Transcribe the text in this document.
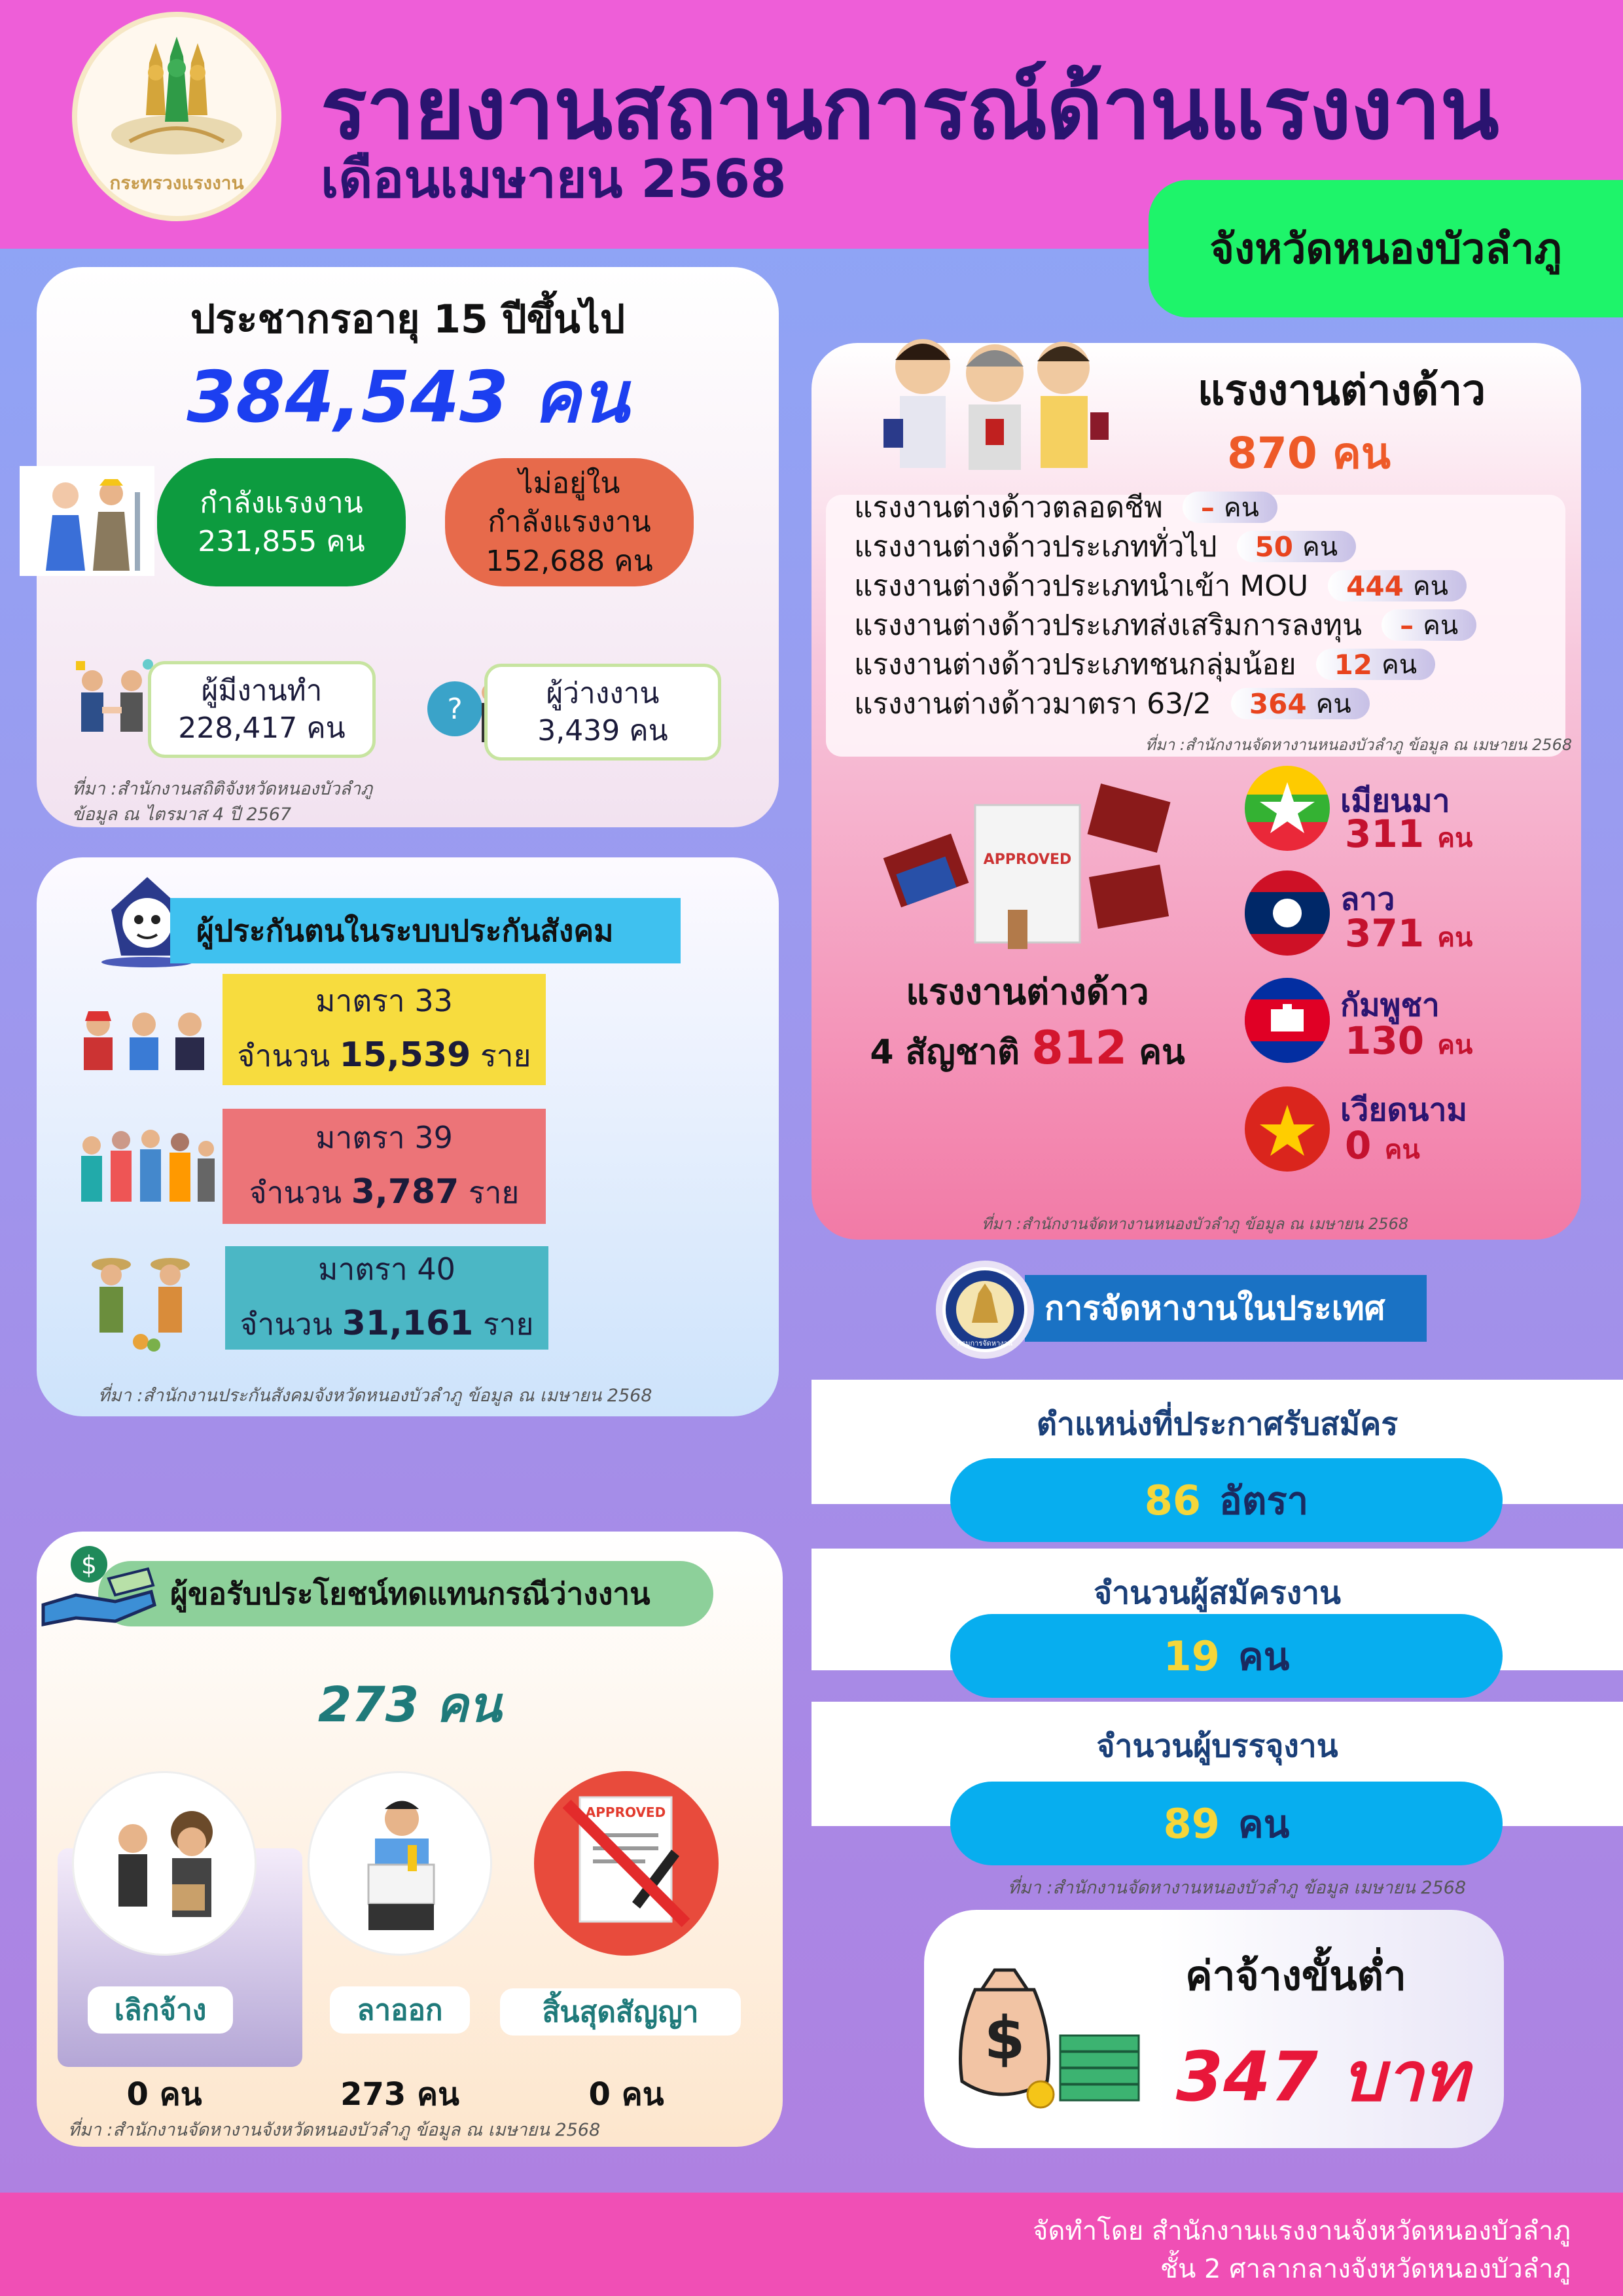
กระทรวงแรงงาน
รายงานสถานการณ์ด้านแรงงาน
เดือนเมษายน 2568
จังหวัดหนองบัวลำภู
ประชากรอายุ 15 ปีขึ้นไป
384,543 คน
กำลังแรงงาน
231,855 คน
ไม่อยู่ใน
กำลังแรงงาน
152,688 คน
ผู้มีงานทำ
228,417 คน
?	ผู้ว่างงาน
3,439 คน
ที่มา :สำนักงานสถิติจังหวัดหนองบัวลำภู
ข้อมูล ณ ไตรมาส 4 ปี 2567
ผู้ประกันตนในระบบประกันสังคม
มาตรา 33
จำนวน 15,539 ราย
มาตรา 39
จำนวน 3,787 ราย
มาตรา 40
จำนวน 31,161 ราย
ที่มา :สำนักงานประกันสังคมจังหวัดหนองบัวลำภู ข้อมูล ณ เมษายน 2568
ผู้ขอรับประโยชน์ทดแทนกรณีว่างงาน
$
273 คน
APPROVED
เลิกจ้าง	ลาออก	สิ้นสุดสัญญา
0 คน	273 คน	0 คน
ที่มา :สำนักงานจัดหางานจังหวัดหนองบัวลำภู ข้อมูล ณ เมษายน 2568
แรงงานต่างด้าว
870 คน
แรงงานต่างด้าวตลอดชีพ – คน
แรงงานต่างด้าวประเภททั่วไป 50 คน
แรงงานต่างด้าวประเภทนำเข้า MOU 444 คน
แรงงานต่างด้าวประเภทส่งเสริมการลงทุน – คน
แรงงานต่างด้าวประเภทชนกลุ่มน้อย 12 คน
แรงงานต่างด้าวมาตรา 63/2 364 คน
ที่มา :สำนักงานจัดหางานหนองบัวลำภู ข้อมูล ณ เมษายน 2568
APPROVED
แรงงานต่างด้าว
4 สัญชาติ 812 คน
เมียนมา
311 คน
ลาว
371 คน
กัมพูชา
130 คน
เวียดนาม
0 คน
ที่มา :สำนักงานจัดหางานหนองบัวลำภู ข้อมูล ณ เมษายน 2568
การจัดหางานในประเทศ
กรมการจัดหางาน
ตำแหน่งที่ประกาศรับสมัคร
86 อัตรา
จำนวนผู้สมัครงาน
19 คน
จำนวนผู้บรรจุงาน
89 คน
ที่มา :สำนักงานจัดหางานหนองบัวลำภู ข้อมูล เมษายน 2568
$
ค่าจ้างขั้นต่ำ
347 บาท
จัดทำโดย สำนักงานแรงงานจังหวัดหนองบัวลำภู
ชั้น 2 ศาลากลางจังหวัดหนองบัวลำภู
